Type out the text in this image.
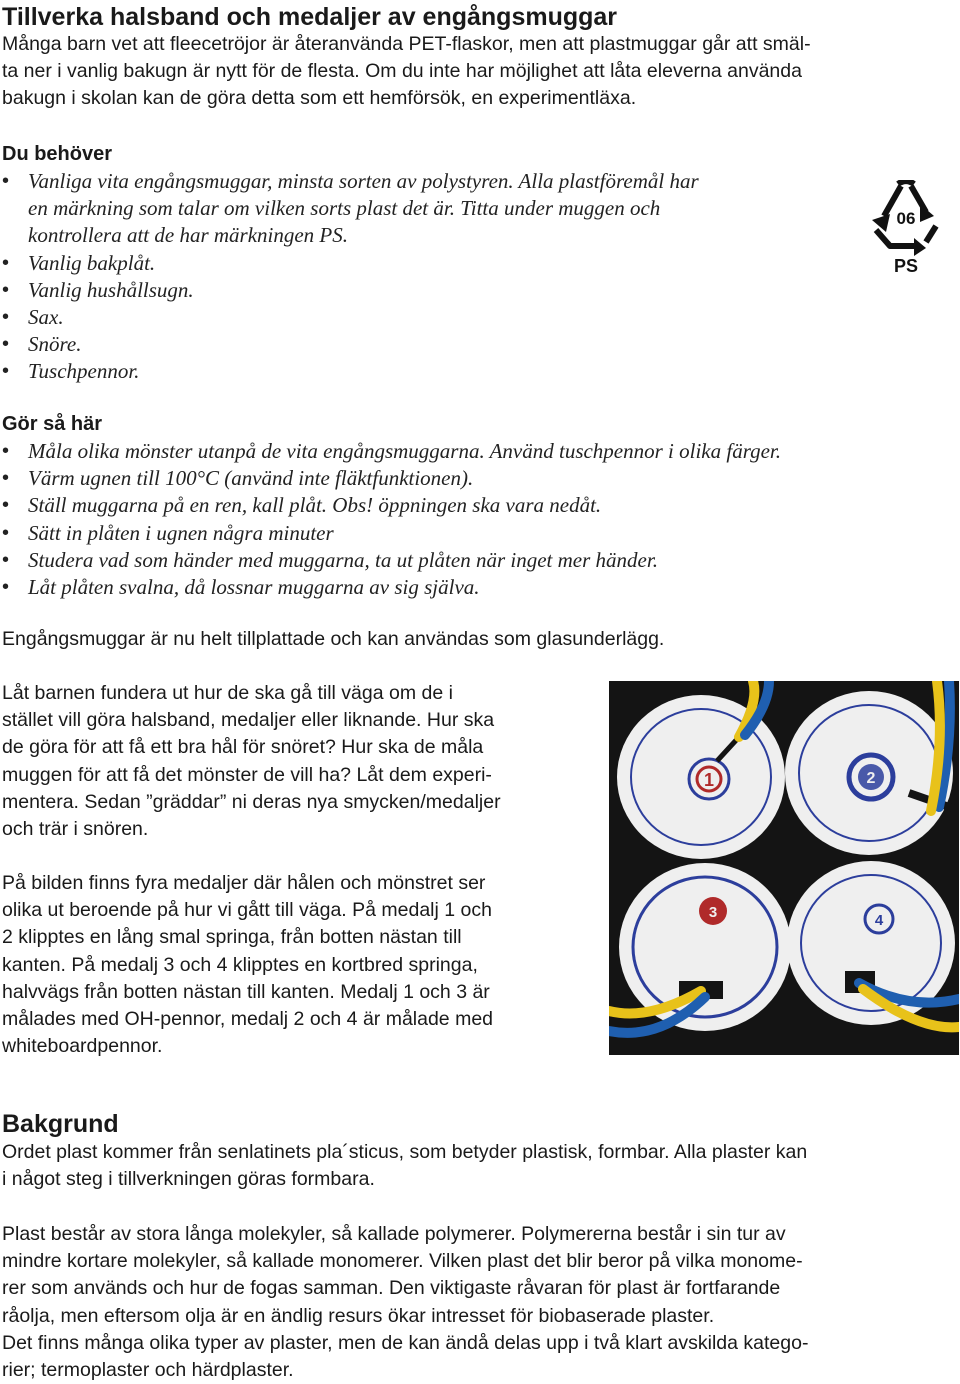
Tillverka halsband och medaljer av engångsmuggar
Många barn vet att fleecetröjor är återanvända PET-flaskor, men att plastmuggar går att smäl-
ta ner i vanlig bakugn är nytt för de flesta. Om du inte har möjlighet att låta eleverna använda
bakugn i skolan kan de göra detta som ett hemförsök, en experimentläxa.
Du behöver
• Vanliga vita engångsmuggar, minsta sorten av polystyren. Alla plastföremål har
en märkning som talar om vilken sorts plast det är. Titta under muggen och
kontrollera att de har märkningen PS.
• Vanlig bakplåt.
• Vanlig hushållsugn.
• Sax.
• Snöre.
• Tuschpennor.
06
PS
Gör så här
• Måla olika mönster utanpå de vita engångsmuggarna. Använd tuschpennor i olika färger.
• Värm ugnen till 100°C (använd inte fläktfunktionen).
• Ställ muggarna på en ren, kall plåt. Obs! öppningen ska vara nedåt.
• Sätt in plåten i ugnen några minuter
• Studera vad som händer med muggarna, ta ut plåten när inget mer händer.
• Låt plåten svalna, då lossnar muggarna av sig själva.

Engångsmuggar är nu helt tillplattade och kan användas som glasunderlägg.

Låt barnen fundera ut hur de ska gå till väga om de i
stället vill göra halsband, medaljer eller liknande. Hur ska
de göra för att få ett bra hål för snöret? Hur ska de måla
muggen för att få det mönster de vill ha? Låt dem experi-
mentera. Sedan ”gräddar” ni deras nya smycken/medaljer
och trär i snören.
På bilden finns fyra medaljer där hålen och mönstret ser
olika ut beroende på hur vi gått till väga. På medalj 1 och
2 klipptes en lång smal springa, från botten nästan till
kanten. På medalj 3 och 4 klipptes en kortbred springa,
halvvägs från botten nästan till kanten. Medalj 1 och 3 är
målades med OH-pennor, medalj 2 och 4 är målade med
whiteboardpennor.
1	2
3	4
Bakgrund
Ordet plast kommer från senlatinets pla´sticus, som betyder plastisk, formbar. Alla plaster kan
i något steg i tillverkningen göras formbara.
Plast består av stora långa molekyler, så kallade polymerer. Polymererna består i sin tur av
mindre kortare molekyler, så kallade monomerer. Vilken plast det blir beror på vilka monome-
rer som används och hur de fogas samman. Den viktigaste råvaran för plast är fortfarande
råolja, men eftersom olja är en ändlig resurs ökar intresset för biobaserade plaster.
Det finns många olika typer av plaster, men de kan ändå delas upp i två klart avskilda katego-
rier; termoplaster och härdplaster.
